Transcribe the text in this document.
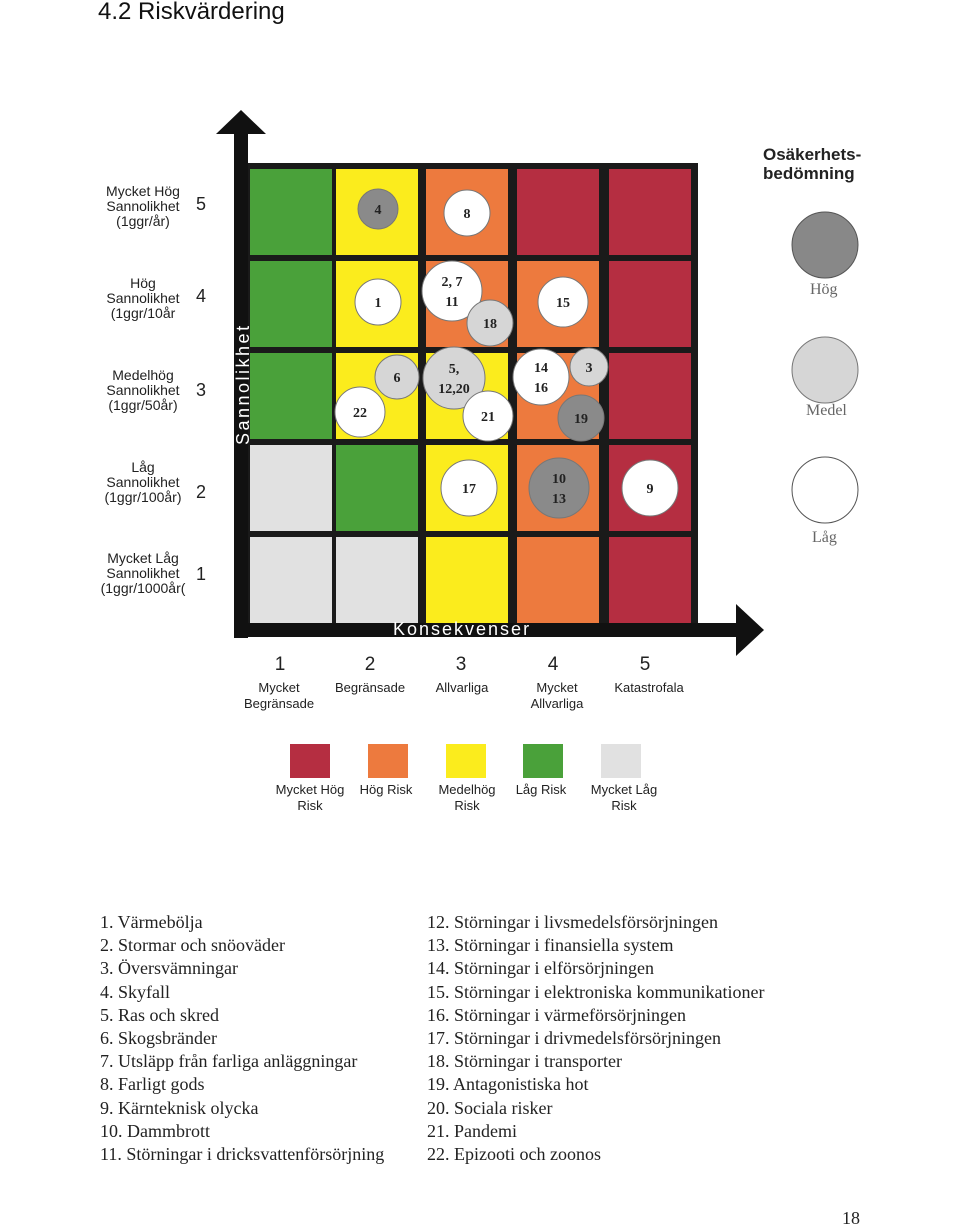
4.2 Riskvärdering
4	8
1
2, 7
11
18
15
6
22
5,
12,20
21
14
16
3
19
17
10
13
9
Sannolikhet
Konsekvenser
Mycket Hög
Sannolikhet
(1ggr/år)
5
Hög
Sannolikhet
(1ggr/10år
4
Medelhög
Sannolikhet
(1ggr/50år)
3
Låg
Sannolikhet
(1ggr/100år) 2
Mycket Låg
Sannolikhet
(1ggr/1000år(
1
1	2	3	4	5
Mycket
Begränsade
Begränsade	Allvarliga	Mycket
Allvarliga
Katastrofala
Osäkerhets-
bedömning
Hög
Medel
Låg
Mycket Hög
Risk
Hög Risk	Medelhög
Risk
Låg Risk	Mycket Låg
Risk
1. Värmebölja
2. Stormar och snöoväder
3. Översvämningar
4. Skyfall
5. Ras och skred
6. Skogsbränder
7. Utsläpp från farliga anläggningar
8. Farligt gods
9. Kärnteknisk olycka
10. Dammbrott
11. Störningar i dricksvattenförsörjning
12. Störningar i livsmedelsförsörjningen
13. Störningar i finansiella system
14. Störningar i elförsörjningen
15. Störningar i elektroniska kommunikationer
16. Störningar i värmeförsörjningen
17. Störningar i drivmedelsförsörjningen
18. Störningar i transporter
19. Antagonistiska hot
20. Sociala risker
21. Pandemi
22. Epizooti och zoonos
18
